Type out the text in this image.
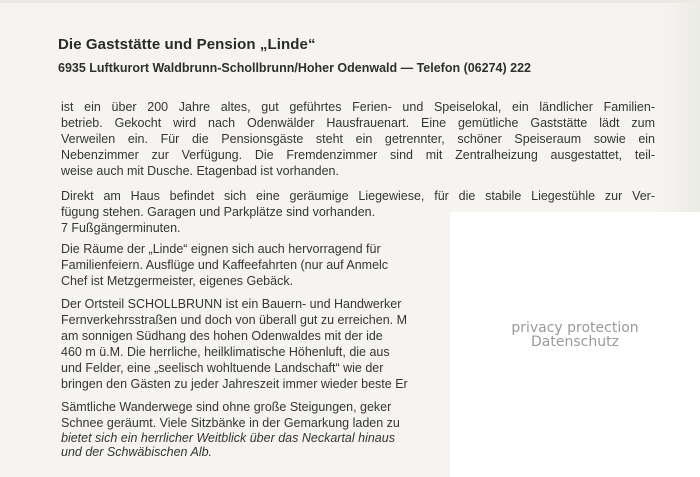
Die Gaststätte und Pension „Linde“

6935 Luftkurort Waldbrunn-Schollbrunn/Hoher Odenwald — Telefon (06274) 222

ist ein über 200 Jahre altes, gut geführtes Ferien- und Speiselokal, ein ländlicher Familien-

betrieb. Gekocht wird nach Odenwälder Hausfrauenart. Eine gemütliche Gaststätte lädt zum

Verweilen ein. Für die Pensionsgäste steht ein getrennter, schöner Speiseraum sowie ein

Nebenzimmer zur Verfügung. Die Fremdenzimmer sind mit Zentralheizung ausgestattet, teil-

weise auch mit Dusche. Etagenbad ist vorhanden.

Direkt am Haus befindet sich eine geräumige Liegewiese, für die stabile Liegestühle zur Ver-

fügung stehen. Garagen und Parkplätze sind vorhanden.

7 Fußgängerminuten.

Die Räume der „Linde“ eignen sich auch hervorragend für

Familienfeiern. Ausflüge und Kaffeefahrten (nur auf Anmelc

Chef ist Metzgermeister, eigenes Gebäck.

Der Ortsteil SCHOLLBRUNN ist ein Bauern- und Handwerker

Fernverkehrsstraßen und doch von überall gut zu erreichen. M

am sonnigen Südhang des hohen Odenwaldes mit der ide

460 m ü.M. Die herrliche, heilklimatische Höhenluft, die aus

und Felder, eine „seelisch wohltuende Landschaft“ wie der

bringen den Gästen zu jeder Jahreszeit immer wieder beste Er

Sämtliche Wanderwege sind ohne große Steigungen, geker

Schnee geräumt. Viele Sitzbänke in der Gemarkung laden zu

bietet sich ein herrlicher Weitblick über das Neckartal hinaus

und der Schwäbischen Alb.

privacy protection
Datenschutz
